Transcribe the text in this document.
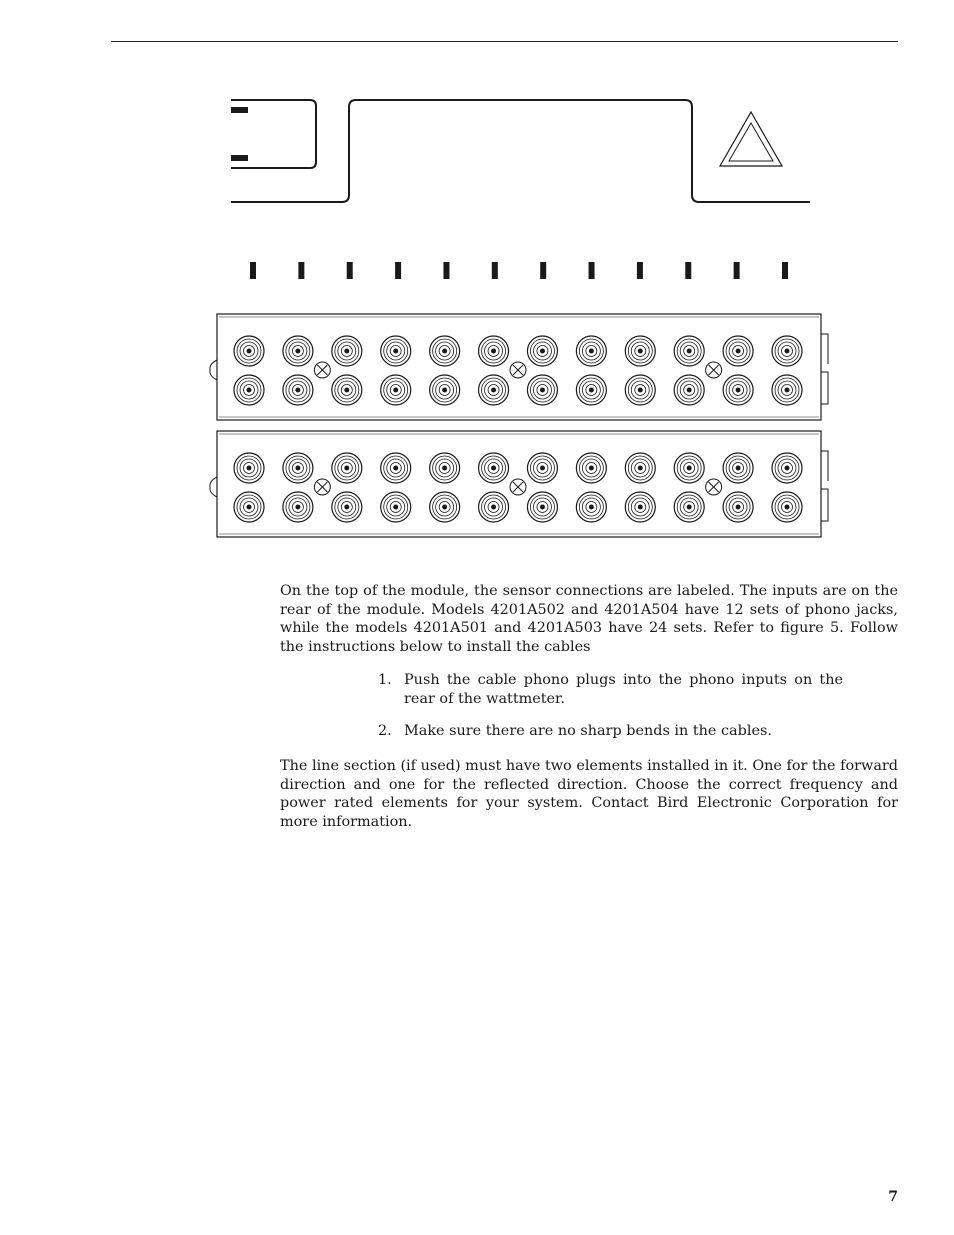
On the top of the module, the sensor connections are labeled. The inputs are on the rear of the module. Models 4201A502 and 4201A504 have 12 sets of phono jacks, while the models 4201A501 and 4201A503 have 24 sets. Refer to figure 5. Follow the instructions below to install the cables

1. Push the cable phono plugs into the phono inputs on the rear of the wattmeter.
2. Make sure there are no sharp bends in the cables.

The line section (if used) must have two elements installed in it. One for the forward direction and one for the reflected direction. Choose the correct frequency and power rated elements for your system. Contact Bird Electronic Corporation for more information.

7
